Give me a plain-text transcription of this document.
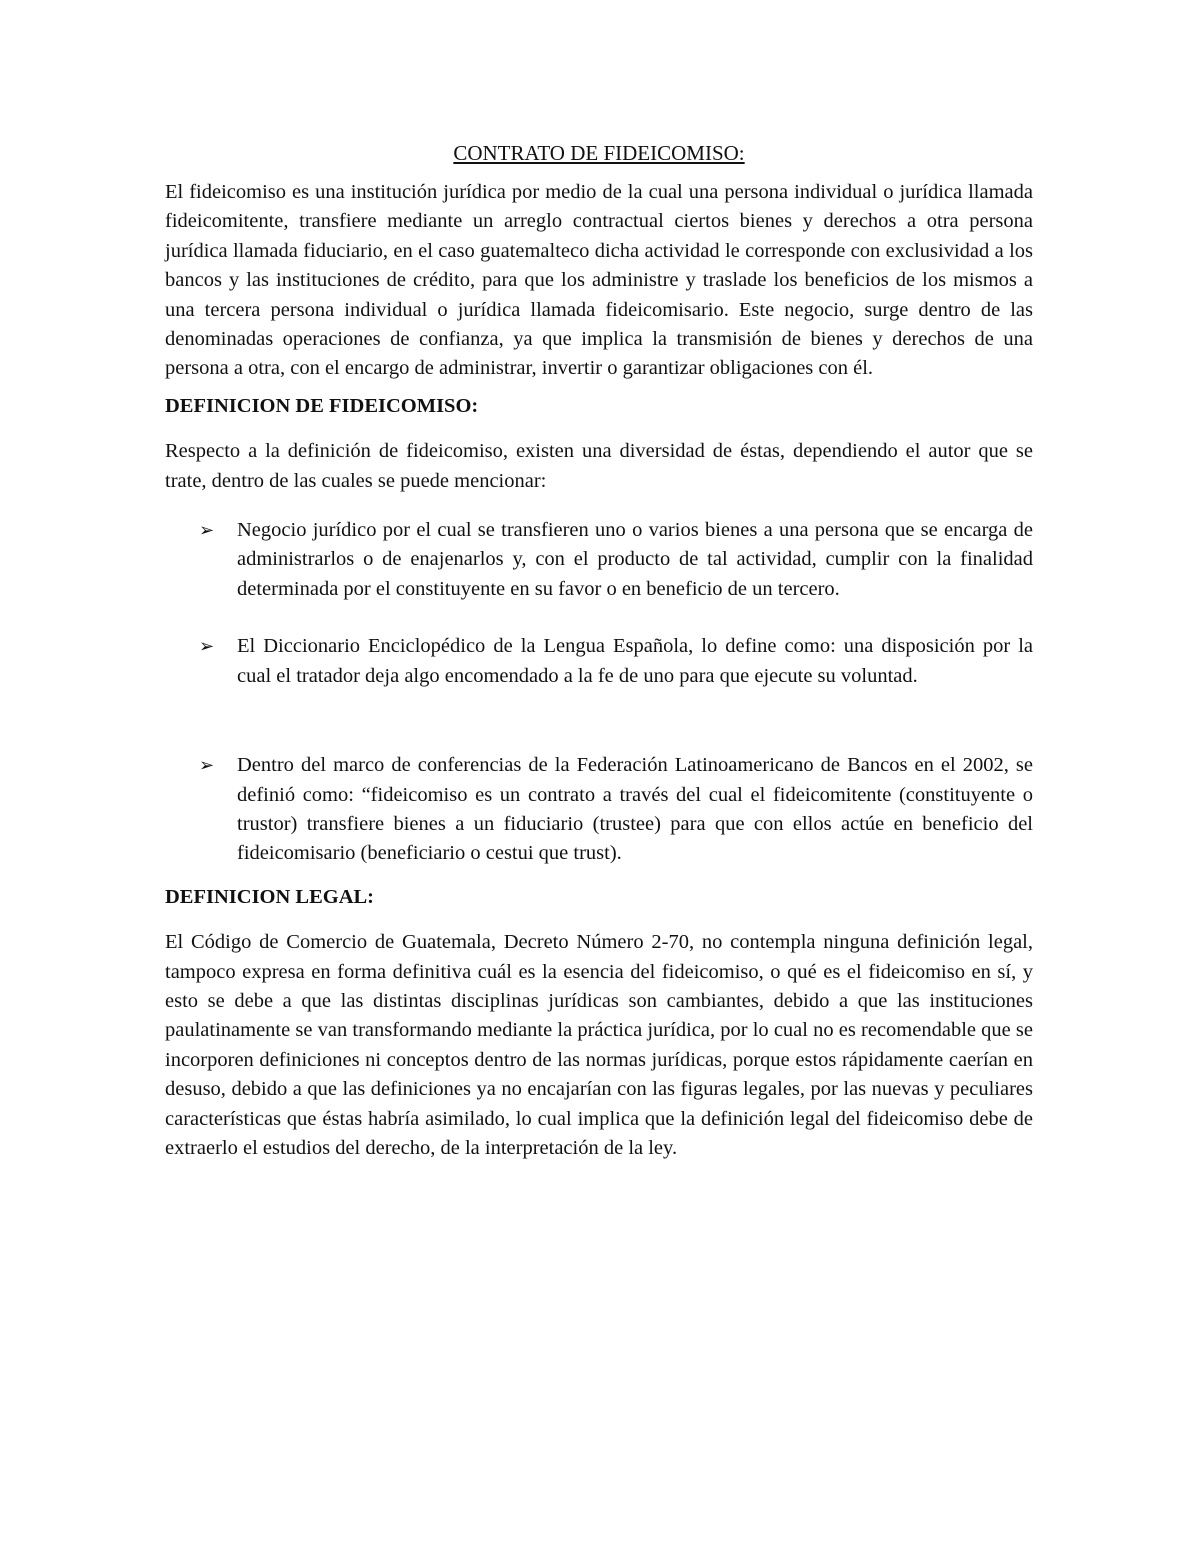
CONTRATO DE FIDEICOMISO:

El fideicomiso es una institución jurídica por medio de la cual una persona individual o jurídica llamada fideicomitente, transfiere mediante un arreglo contractual ciertos bienes y derechos a otra persona jurídica llamada fiduciario, en el caso guatemalteco dicha actividad le corresponde con exclusividad a los bancos y las instituciones de crédito, para que los administre y traslade los beneficios de los mismos a una tercera persona individual o jurídica llamada fideicomisario. Este negocio, surge dentro de las denominadas operaciones de confianza, ya que implica la transmisión de bienes y derechos de una persona a otra, con el encargo de administrar, invertir o garantizar obligaciones con él.

DEFINICION DE FIDEICOMISO:

Respecto a la definición de fideicomiso, existen una diversidad de éstas, dependiendo el autor que se trate, dentro de las cuales se puede mencionar:

➢ Negocio jurídico por el cual se transfieren uno o varios bienes a una persona que se encarga de administrarlos o de enajenarlos y, con el producto de tal actividad, cumplir con la finalidad determinada por el constituyente en su favor o en beneficio de un tercero.
➢ El Diccionario Enciclopédico de la Lengua Española, lo define como: una disposición por la cual el tratador deja algo encomendado a la fe de uno para que ejecute su voluntad.
➢ Dentro del marco de conferencias de la Federación Latinoamericano de Bancos en el 2002, se definió como: “fideicomiso es un contrato a través del cual el fideicomitente (constituyente o trustor) transfiere bienes a un fiduciario (trustee) para que con ellos actúe en beneficio del fideicomisario (beneficiario o cestui que trust).
DEFINICION LEGAL:

El Código de Comercio de Guatemala, Decreto Número 2-70, no contempla ninguna definición legal, tampoco expresa en forma definitiva cuál es la esencia del fideicomiso, o qué es el fideicomiso en sí, y esto se debe a que las distintas disciplinas jurídicas son cambiantes, debido a que las instituciones paulatinamente se van transformando mediante la práctica jurídica, por lo cual no es recomendable que se incorporen definiciones ni conceptos dentro de las normas jurídicas, porque estos rápidamente caerían en desuso, debido a que las definiciones ya no encajarían con las figuras legales, por las nuevas y peculiares características que éstas habría asimilado, lo cual implica que la definición legal del fideicomiso debe de extraerlo el estudios del derecho, de la interpretación de la ley.
